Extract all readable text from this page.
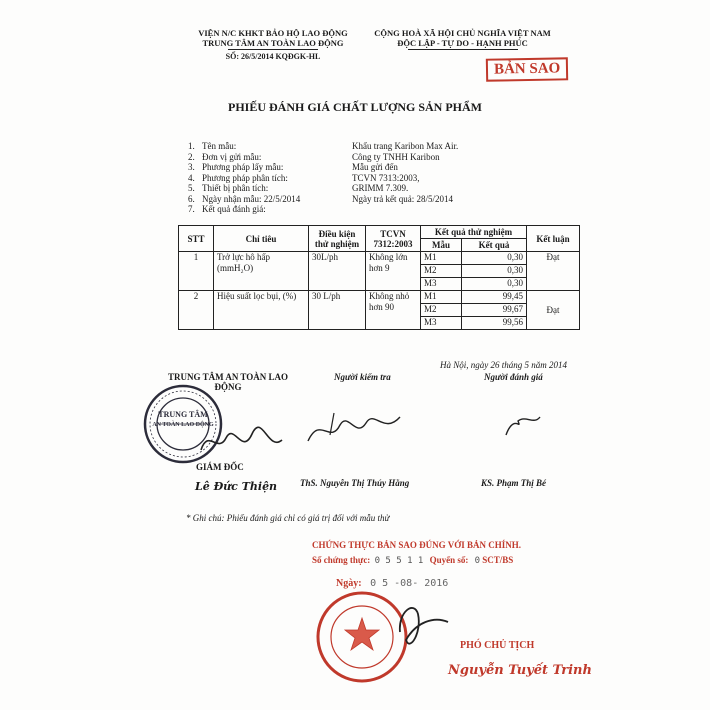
VIỆN N/C KHKT BẢO HỘ LAO ĐỘNG
TRUNG TÂM AN TOÀN LAO ĐỘNG
SỐ: 26/5/2014 KQĐGK-HL
CỘNG HOÀ XÃ HỘI CHỦ NGHĨA VIỆT NAM
ĐỘC LẬP - TỰ DO - HẠNH PHÚC
BẢN SAO
PHIẾU ĐÁNH GIÁ CHẤT LƯỢNG SẢN PHẨM
1. Tên mẫu:	Khẩu trang Karibon Max Air.
2. Đơn vị gửi mẫu:	Công ty TNHH Karibon
3. Phương pháp lấy mẫu:	Mẫu gửi đến
4. Phương pháp phân tích:	TCVN 7313:2003,
5. Thiết bị phân tích:	GRIMM 7.309.
6. Ngày nhận mẫu: 22/5/2014	Ngày trả kết quả: 28/5/2014
7. Kết quả đánh giá:
STT	Chỉ tiêu	Điều kiện thử nghiệm	TCVN 7312:2003	Kết quả thử nghiệm		Kết luận
				Mẫu	Kết quả	
1	Trở lực hô hấp (mmH₂O)	30L/ph	Không lớn hơn 9	M1	0,30	Đạt
				M2	0,30	
				M3	0,30	
2	Hiệu suất lọc bụi, (%)	30 L/ph	Không nhỏ hơn 90	M1	99,45	Đạt
				M2	99,67	
				M3	99,56	
Hà Nội, ngày 26 tháng 5 năm 2014
TRUNG TÂM AN TOÀN LAO
ĐỘNG
Người kiểm tra	Người đánh giá
TRUNG TÂM
AN TOÀN LAO ĐỘNG
GIÁM ĐỐC
Lê Đức Thiện	ThS. Nguyễn Thị Thúy Hằng	KS. Phạm Thị Bé
* Ghi chú: Phiếu đánh giá chỉ có giá trị đối với mẫu thử
CHỨNG THỰC BẢN SAO ĐÚNG VỚI BẢN CHÍNH.
Số chứng thực: 0 5 5 1 1 Quyển số: 0 SCT/BS
Ngày: 0 5 -08- 2016
PHÓ CHỦ TỊCH
Nguyễn Tuyết Trinh
